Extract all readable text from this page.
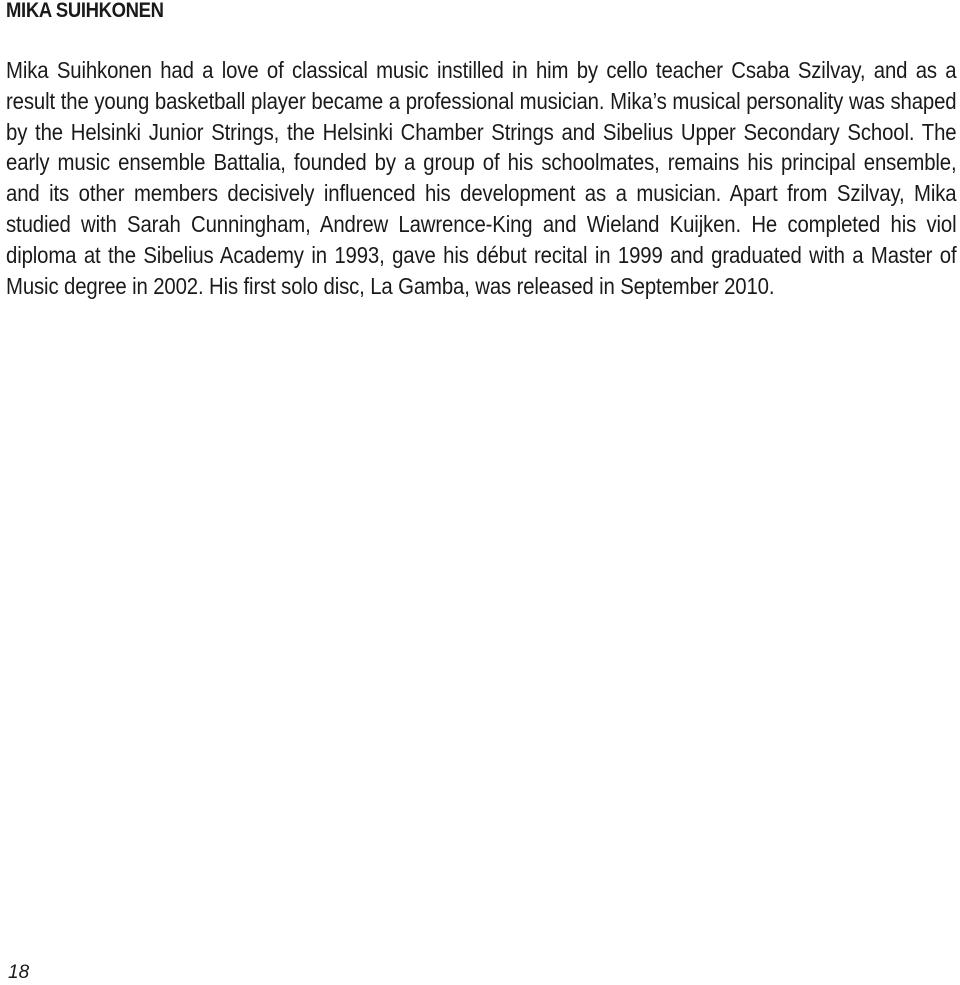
MIKA SUIHKONEN

Mika Suihkonen had a love of classical music instilled in him by cello teacher Csaba Szilvay, and as a result the young basketball player became a professional musician. Mika’s musical personality was shaped by the Helsinki Junior Strings, the Helsinki Chamber Strings and Sibelius Upper Secondary School. The early music ensemble Battalia, founded by a group of his schoolmates, remains his principal ensemble, and its other members decisively influenced his development as a musician. Apart from Szilvay, Mika studied with Sarah Cunningham, Andrew Lawrence-King and Wieland Kuijken. He completed his viol diploma at the Sibelius Academy in 1993, gave his début recital in 1999 and graduated with a Master of Music degree in 2002. His first solo disc, La Gamba, was released in September 2010.

18
